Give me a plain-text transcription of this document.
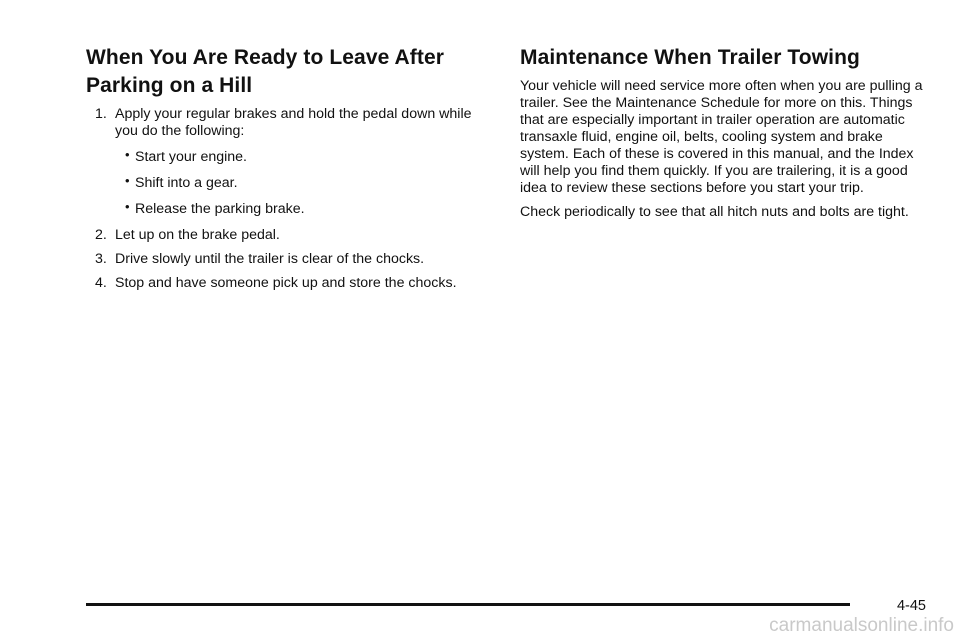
When You Are Ready to Leave After Parking on a Hill
1. Apply your regular brakes and hold the pedal down while you do the following:
• Start your engine.
• Shift into a gear.
• Release the parking brake.
2. Let up on the brake pedal.
3. Drive slowly until the trailer is clear of the chocks.
4. Stop and have someone pick up and store the chocks.
Maintenance When Trailer Towing

Your vehicle will need service more often when you are pulling a trailer. See the Maintenance Schedule for more on this. Things that are especially important in trailer operation are automatic transaxle fluid, engine oil, belts, cooling system and brake system. Each of these is covered in this manual, and the Index will help you find them quickly. If you are trailering, it is a good idea to review these sections before you start your trip.

Check periodically to see that all hitch nuts and bolts are tight.

4-45
carmanualsonline.info
